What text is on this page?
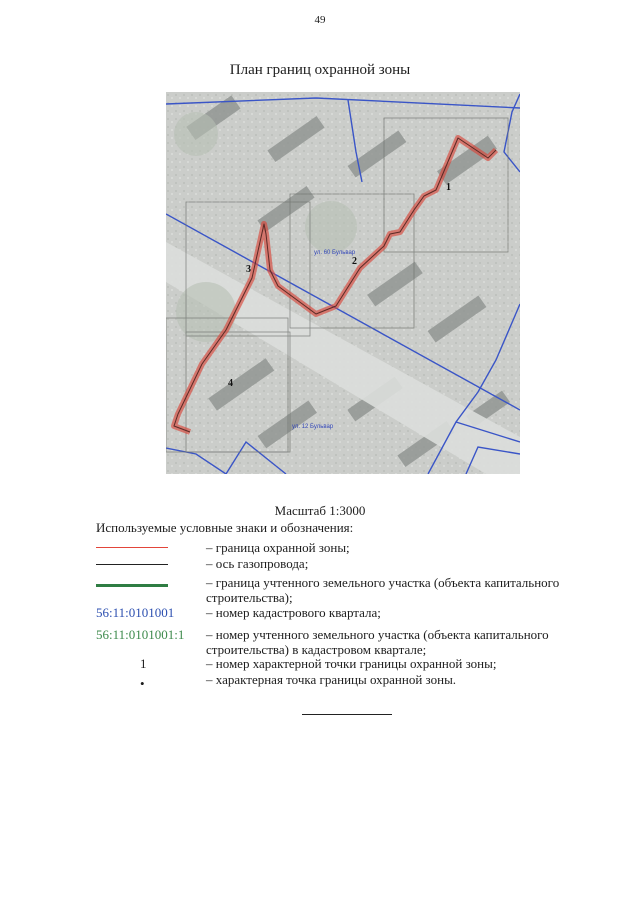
49
План границ охранной зоны
ул. 60 Бульвар
ул. 12 Бульвар
1
2
3
4
Масштаб 1:3000
Используемые условные знаки и обозначения:
– граница охранной зоны;
– ось газопровода;
– граница учтенного земельного участка (объекта капитального строительства);
56:11:0101001 – номер кадастрового квартала;
56:11:0101001:1	– номер учтенного земельного участка (объекта капитального строительства) в кадастровом квартале;
1	– номер характерной точки границы охранной зоны;
•	– характерная точка границы охранной зоны.
